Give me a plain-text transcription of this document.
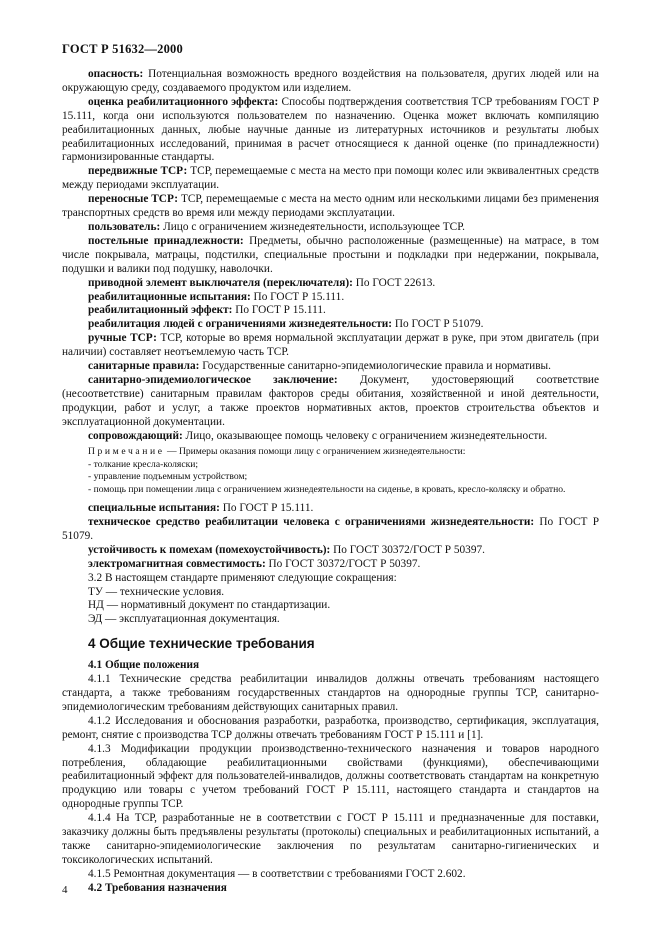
ГОСТ Р 51632—2000

опасность: Потенциальная возможность вредного воздействия на пользователя, других людей или на окружающую среду, создаваемого продуктом или изделием.

оценка реабилитационного эффекта: Способы подтверждения соответствия ТСР требованиям ГОСТ Р 15.111, когда они используются пользователем по назначению. Оценка может включать компиляцию реабилитационных данных, любые научные данные из литературных источников и результаты любых реабилитационных исследований, принимая в расчет относящиеся к данной оценке (по принадлежности) гармонизированные стандарты.

передвижные ТСР: ТСР, перемещаемые с места на место при помощи колес или эквивалентных средств между периодами эксплуатации.

переносные ТСР: ТСР, перемещаемые с места на место одним или несколькими лицами без применения транспортных средств во время или между периодами эксплуатации.

пользователь: Лицо с ограничением жизнедеятельности, использующее ТСР.

постельные принадлежности: Предметы, обычно расположенные (размещенные) на матрасе, в том числе покрывала, матрацы, подстилки, специальные простыни и подкладки при недержании, покрывала, подушки и валики под подушку, наволочки.

приводной элемент выключателя (переключателя): По ГОСТ 22613.

реабилитационные испытания: По ГОСТ Р 15.111.

реабилитационный эффект: По ГОСТ Р 15.111.

реабилитация людей с ограничениями жизнедеятельности: По ГОСТ Р 51079.

ручные ТСР: ТСР, которые во время нормальной эксплуатации держат в руке, при этом двигатель (при наличии) составляет неотъемлемую часть ТСР.

санитарные правила: Государственные санитарно-эпидемиологические правила и нормативы.

санитарно-эпидемиологическое заключение: Документ, удостоверяющий соответствие (несоответствие) санитарным правилам факторов среды обитания, хозяйственной и иной деятельности, продукции, работ и услуг, а также проектов нормативных актов, проектов строительства объектов и эксплуатационной документации.

сопровождающий: Лицо, оказывающее помощь человеку с ограничением жизнедеятельности.

Примечание — Примеры оказания помощи лицу с ограничением жизнедеятельности:

- толкание кресла-коляски;

- управление подъемным устройством;

- помощь при помещении лица с ограничением жизнедеятельности на сиденье, в кровать, кресло-коляску и обратно.

специальные испытания: По ГОСТ Р 15.111.

техническое средство реабилитации человека с ограничениями жизнедеятельности: По ГОСТ Р 51079.

устойчивость к помехам (помехоустойчивость): По ГОСТ 30372/ГОСТ Р 50397.

электромагнитная совместимость: По ГОСТ 30372/ГОСТ Р 50397.

3.2 В настоящем стандарте применяют следующие сокращения:

ТУ — технические условия.

НД — нормативный документ по стандартизации.

ЭД — эксплуатационная документация.

4 Общие технические требования

4.1 Общие положения

4.1.1 Технические средства реабилитации инвалидов должны отвечать требованиям настоящего стандарта, а также требованиям государственных стандартов на однородные группы ТСР, санитарно-эпидемиологическим требованиям действующих санитарных правил.

4.1.2 Исследования и обоснования разработки, разработка, производство, сертификация, эксплуатация, ремонт, снятие с производства ТСР должны отвечать требованиям ГОСТ Р 15.111 и [1].

4.1.3 Модификации продукции производственно-технического назначения и товаров народного потребления, обладающие реабилитационными свойствами (функциями), обеспечивающими реабилитационный эффект для пользователей-инвалидов, должны соответствовать стандартам на конкретную продукцию или товары с учетом требований ГОСТ Р 15.111, настоящего стандарта и стандартов на однородные группы ТСР.

4.1.4 На ТСР, разработанные не в соответствии с ГОСТ Р 15.111 и предназначенные для поставки, заказчику должны быть предъявлены результаты (протоколы) специальных и реабилитационных испытаний, а также санитарно-эпидемиологические заключения по результатам санитарно-гигиенических и токсикологических испытаний.

4.1.5 Ремонтная документация — в соответствии с требованиями ГОСТ 2.602.

4.2 Требования назначения

4
